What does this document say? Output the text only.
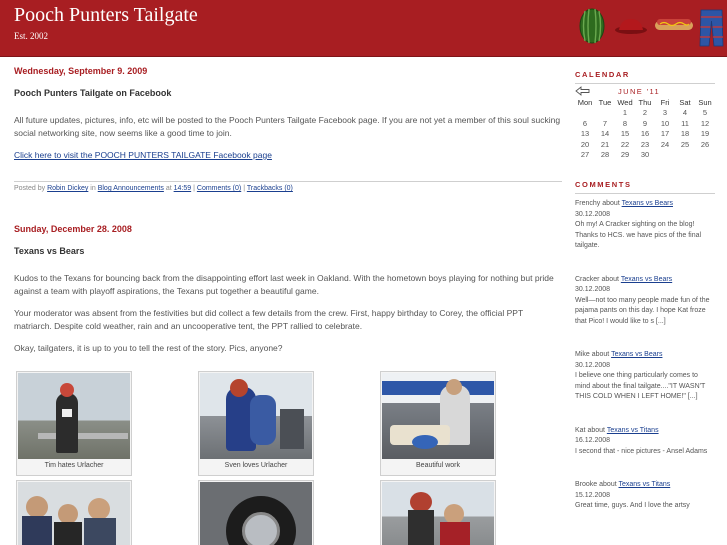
Pooch Punters Tailgate
Est. 2002
Wednesday, September 9. 2009
Pooch Punters Tailgate on Facebook

All future updates, pictures, info, etc will be posted to the Pooch Punters Tailgate Facebook page. If you are not yet a member of this soul sucking social networking site, now seems like a good time to join.

Click here to visit the POOCH PUNTERS TAILGATE Facebook page

Posted by Robin Dickey in Blog Announcements at 14:59 | Comments (0) | Trackbacks (0)
Sunday, December 28. 2008
Texans vs Bears

Kudos to the Texans for bouncing back from the disappointing effort last week in Oakland. With the hometown boys playing for nothing but pride against a team with playoff aspirations, the Texans put together a beautiful game.

Your moderator was absent from the festivities but did collect a few details from the crew. First, happy birthday to Corey, the official PPT matriarch. Despite cold weather, rain and an uncooperative tent, the PPT rallied to celebrate.

Okay, tailgaters, it is up to you to tell the rest of the story. Pics, anyone?

Tim hates Urlacher	Sven loves Urlacher	Beautiful work
CALENDAR
JUNE '11
Mon	Tue	Wed	Thu	Fri	Sat	Sun
		1	2	3	4	5
6	7	8	9	10	11	12
13	14	15	16	17	18	19
20	21	22	23	24	25	26
27	28	29	30			
COMMENTS
Frenchy about Texans vs Bears
30.12.2008
Oh my! A Cracker sighting on the blog! Thanks to HCS. we have pics of the final tailgate.
Cracker about Texans vs Bears
30.12.2008
Well—not too many people made fun of the pajama pants on this day. I hope Kat froze that Pico! I would like to s [...]
Mike about Texans vs Bears
30.12.2008
I believe one thing particularly comes to mind about the final tailgate...."IT WASN'T THIS COLD WHEN I LEFT HOME!" [...]
Kat about Texans vs Titans
16.12.2008
I second that - nice pictures - Ansel Adams
Brooke about Texans vs Titans
15.12.2008
Great time, guys. And I love the artsy
